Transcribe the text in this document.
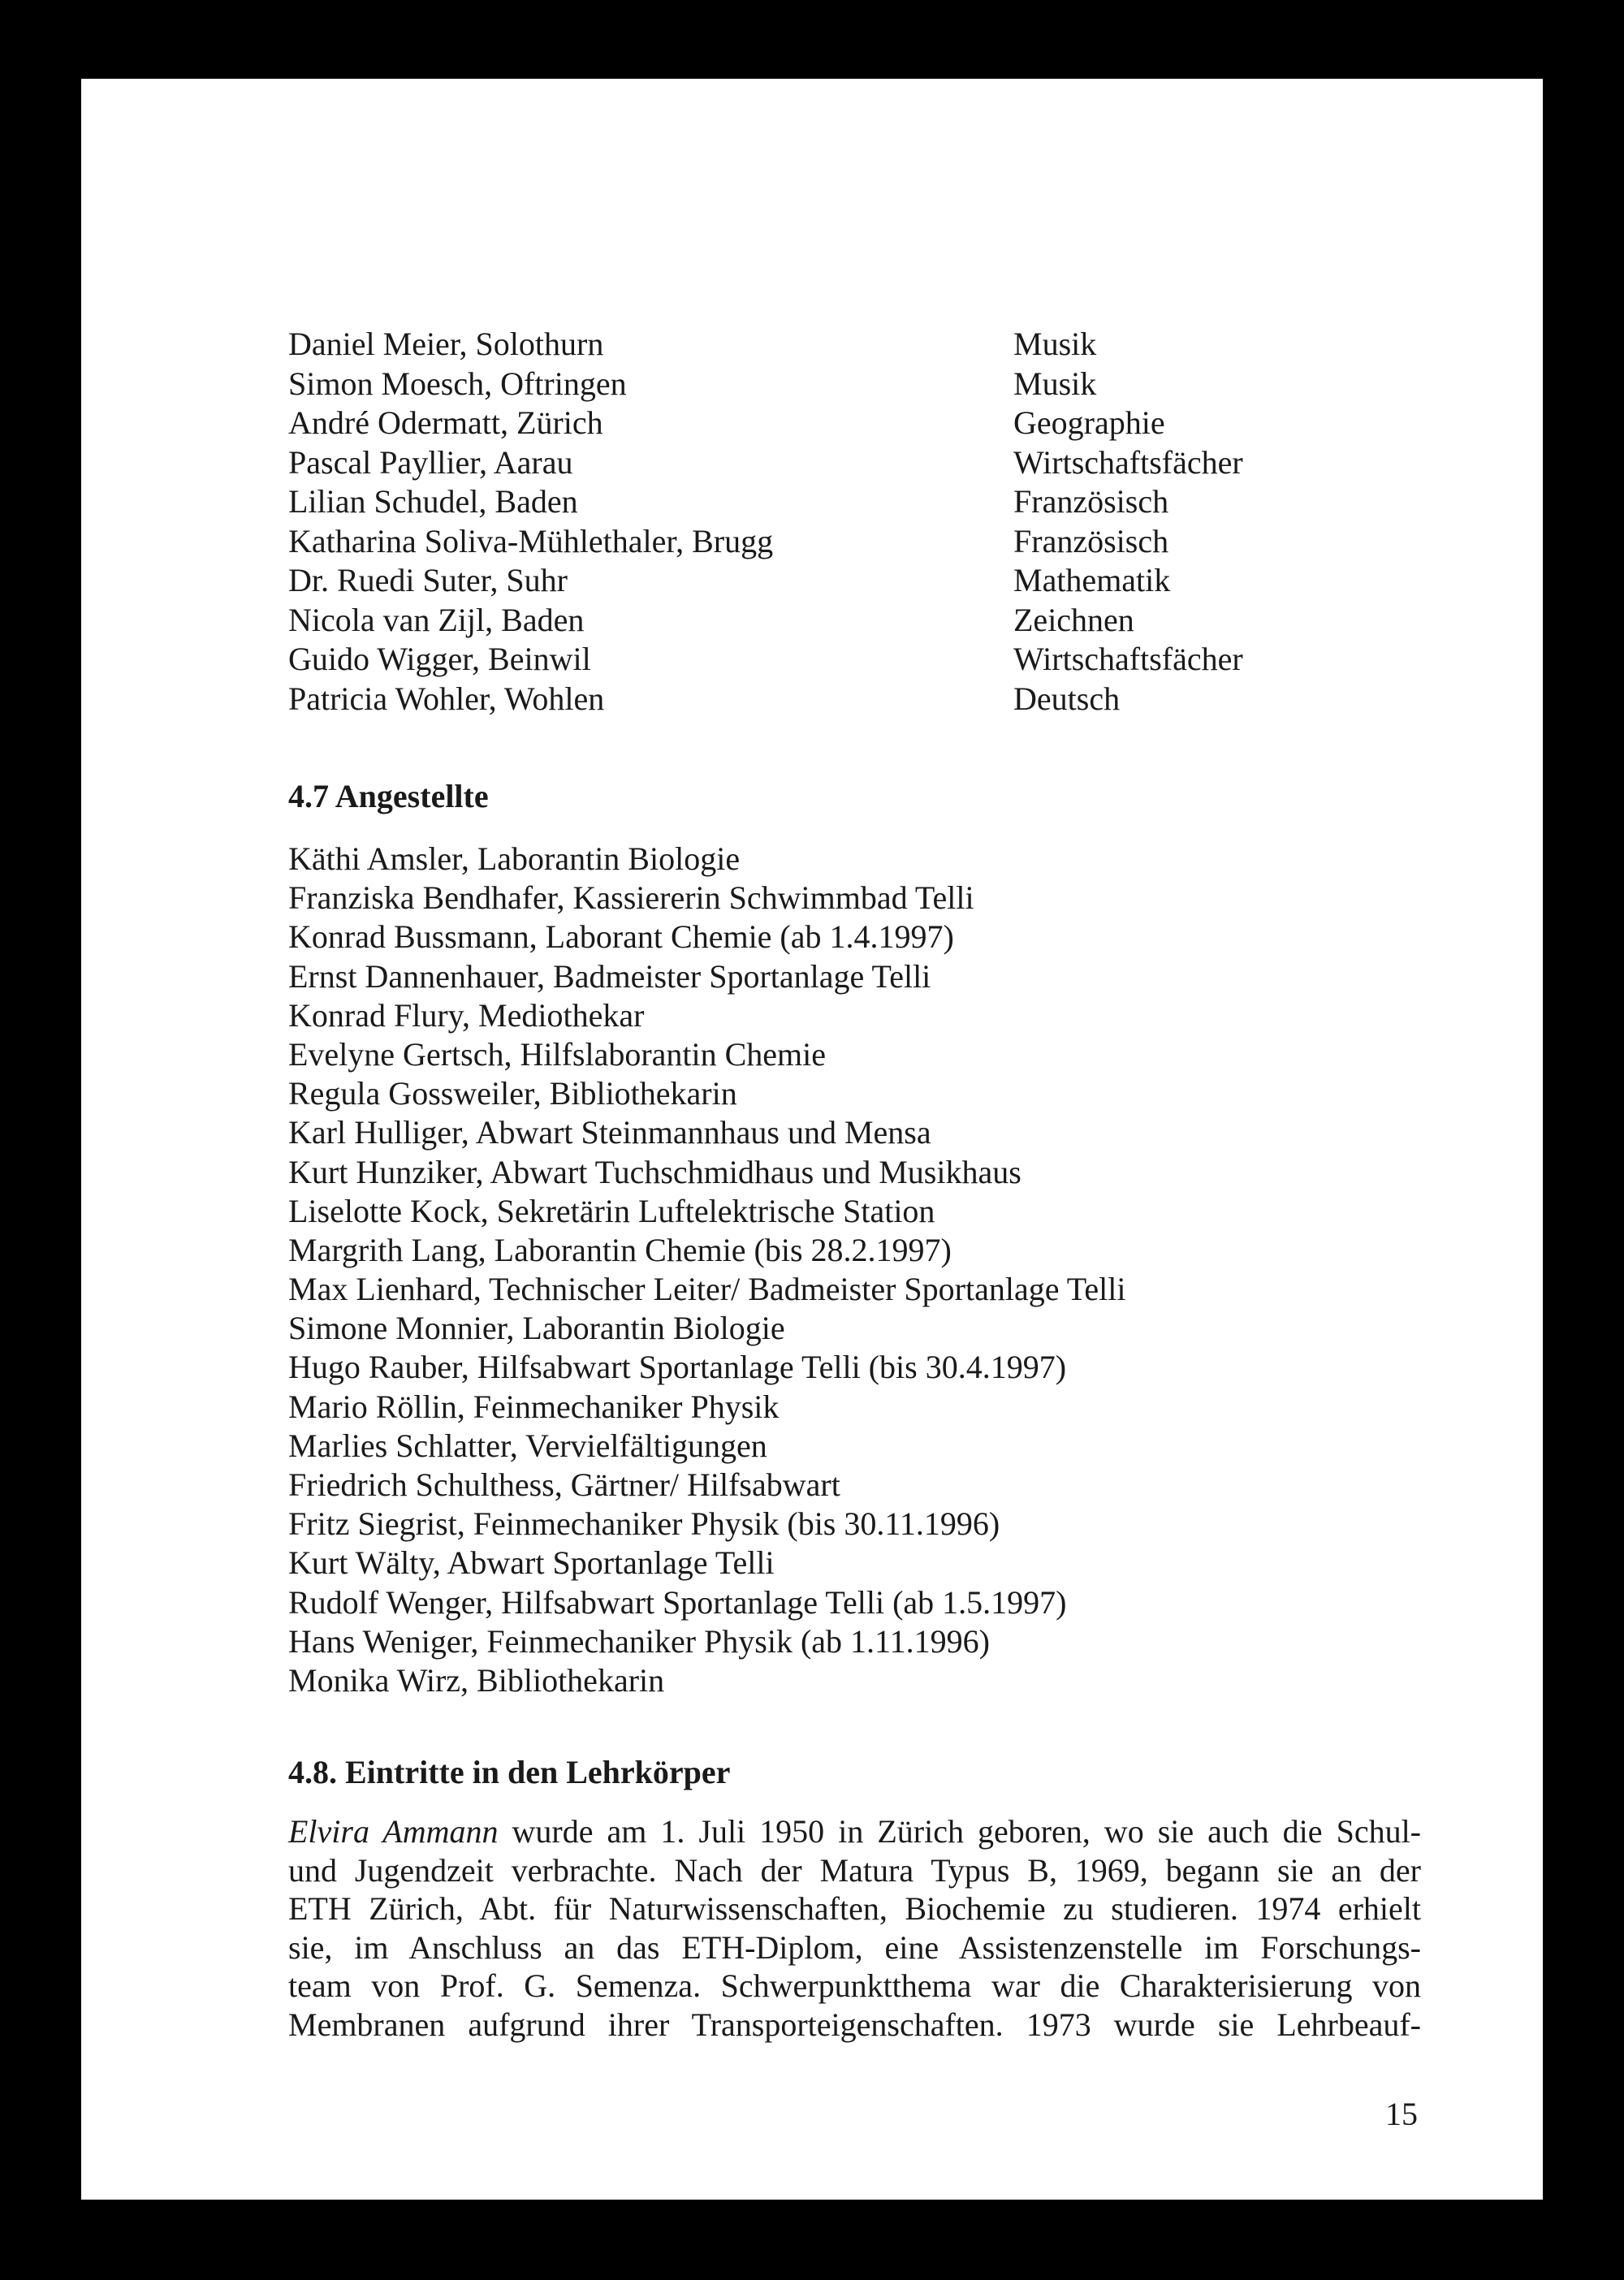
Daniel Meier, Solothurn	Musik
Simon Moesch, Oftringen	Musik
André Odermatt, Zürich	Geographie
Pascal Payllier, Aarau	Wirtschaftsfächer
Lilian Schudel, Baden	Französisch
Katharina Soliva-Mühlethaler, Brugg	Französisch
Dr. Ruedi Suter, Suhr	Mathematik
Nicola van Zijl, Baden	Zeichnen
Guido Wigger, Beinwil	Wirtschaftsfächer
Patricia Wohler, Wohlen	Deutsch
4.7 Angestellte
Käthi Amsler, Laborantin Biologie
Franziska Bendhafer, Kassiererin Schwimmbad Telli
Konrad Bussmann, Laborant Chemie (ab 1.4.1997)
Ernst Dannenhauer, Badmeister Sportanlage Telli
Konrad Flury, Mediothekar
Evelyne Gertsch, Hilfslaborantin Chemie
Regula Gossweiler, Bibliothekarin
Karl Hulliger, Abwart Steinmannhaus und Mensa
Kurt Hunziker, Abwart Tuchschmidhaus und Musikhaus
Liselotte Kock, Sekretärin Luftelektrische Station
Margrith Lang, Laborantin Chemie (bis 28.2.1997)
Max Lienhard, Technischer Leiter/ Badmeister Sportanlage Telli
Simone Monnier, Laborantin Biologie
Hugo Rauber, Hilfsabwart Sportanlage Telli (bis 30.4.1997)
Mario Röllin, Feinmechaniker Physik
Marlies Schlatter, Vervielfältigungen
Friedrich Schulthess, Gärtner/ Hilfsabwart
Fritz Siegrist, Feinmechaniker Physik (bis 30.11.1996)
Kurt Wälty, Abwart Sportanlage Telli
Rudolf Wenger, Hilfsabwart Sportanlage Telli (ab 1.5.1997)
Hans Weniger, Feinmechaniker Physik (ab 1.11.1996)
Monika Wirz, Bibliothekarin
4.8. Eintritte in den Lehrkörper
Elvira Ammann wurde am 1. Juli 1950 in Zürich geboren, wo sie auch die Schul-
und Jugendzeit verbrachte. Nach der Matura Typus B, 1969, begann sie an der
ETH Zürich, Abt. für Naturwissenschaften, Biochemie zu studieren. 1974 erhielt
sie, im Anschluss an das ETH-Diplom, eine Assistenzenstelle im Forschungs-
team von Prof. G. Semenza. Schwerpunktthema war die Charakterisierung von
Membranen aufgrund ihrer Transporteigenschaften. 1973 wurde sie Lehrbeauf-
15
